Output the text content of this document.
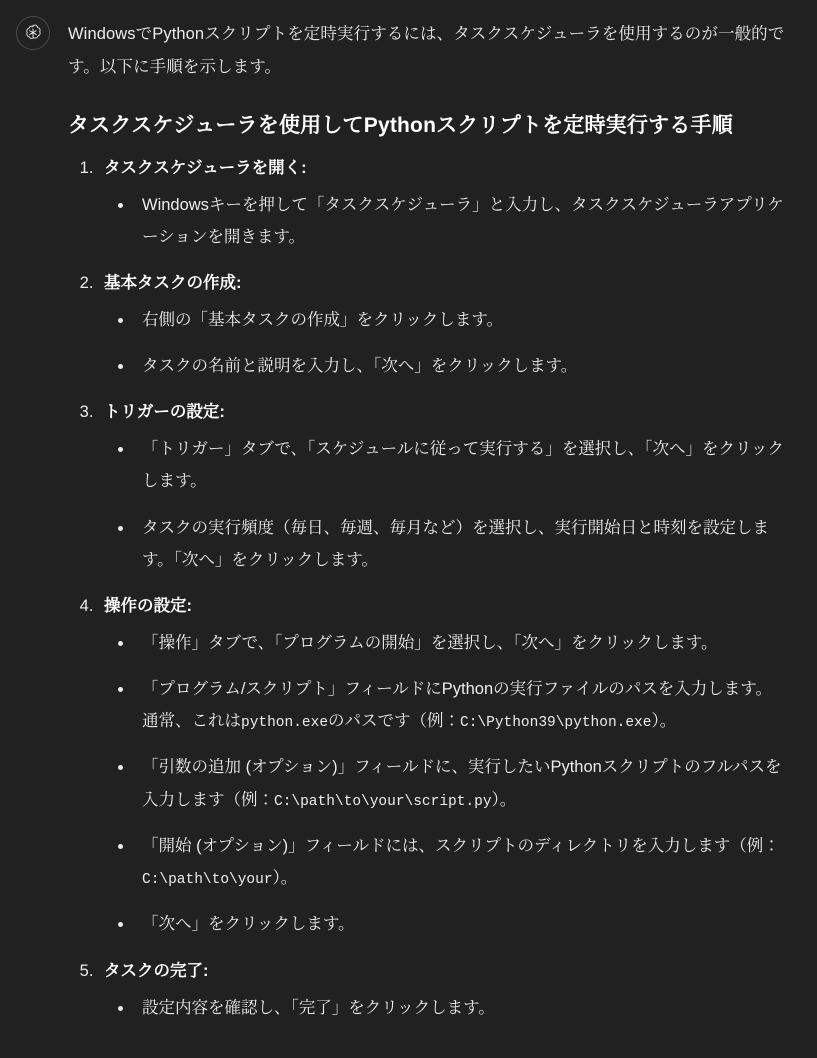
WindowsでPythonスクリプトを定時実行するには、タスクスケジューラを使用するのが一般的です。以下に手順を示します。

タスクスケジューラを使用してPythonスクリプトを定時実行する手順
1. タスクスケジューラを開く:
• Windowsキーを押して「タスクスケジューラ」と入力し、タスクスケジューラアプリケーションを開きます。
2. 基本タスクの作成:
• 右側の「基本タスクの作成」をクリックします。
• タスクの名前と説明を入力し、「次へ」をクリックします。
3. トリガーの設定:
• 「トリガー」タブで、「スケジュールに従って実行する」を選択し、「次へ」をクリックします。
• タスクの実行頻度（毎日、毎週、毎月など）を選択し、実行開始日と時刻を設定します。「次へ」をクリックします。
4. 操作の設定:
• 「操作」タブで、「プログラムの開始」を選択し、「次へ」をクリックします。
• 「プログラム/スクリプト」フィールドにPythonの実行ファイルのパスを入力します。通常、これはpython.exeのパスです（例：C:\Python39\python.exe）。
• 「引数の追加 (オプション)」フィールドに、実行したいPythonスクリプトのフルパスを入力します（例：C:\path\to\your\script.py）。
• 「開始 (オプション)」フィールドには、スクリプトのディレクトリを入力します（例：C:\path\to\your）。
• 「次へ」をクリックします。
5. タスクの完了:
• 設定内容を確認し、「完了」をクリックします。
